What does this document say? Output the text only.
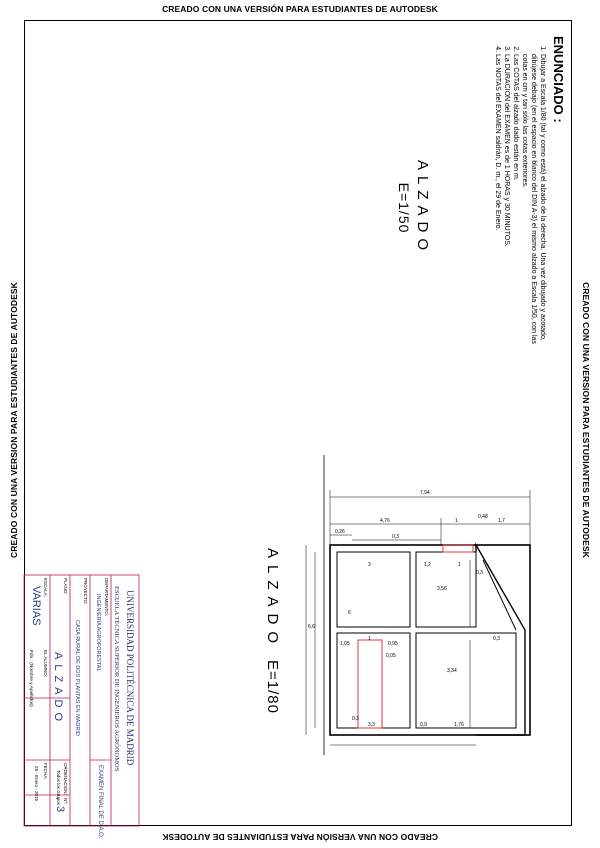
CREADO CON UNA VERSIÓN PARA ESTUDIANTES DE AUTODESK
CREADO CON UNA VERSION PARA ESTUDIANTES DE AUTODESK	CREADO CON UNA VERSION PARA ESTUDIANTES DE AUTODESK
CREADO CON UNA VERSIÓN PARA ESTUDIANTES DE AUTODESK
ENUNCIADO :
1. Dibujar a Escala 1/80 (tal y como está) el alzado de la derecha. Una vez dibujado y acotado, dibújese debajo (en el espacio en blanco del DIN A-3) el mismo alzado a Escala 1/50, con las cotas en cm y tan sólo las cotas exteriores.
2. Las COTAS del alzado dado están en m.
3. La DURACIÓN del EXAMEN es de 1 HORAS y 30 MINUTOS.
4. Las NOTAS del EXAMEN saldrán, D. m., el 29 de Enero.
ALZADO
E=1/50
ALZADO
E=1/80
7,94
4,76	1
0,48
1,7
0,26
0,3
3	1,2	1
0,3
3,56
6,6
6
1,05
1
0,95
0,05
0,3
3,34
0,3
3,3	0,9	1,76
UNIVERSIDAD POLITÉCNICA DE MADRID
ESCUELA TÉCNICA SUPERIOR DE INGENIEROS AGRÓNOMOS
DEPARTAMENTO:
INGENIERÍA AGROFORESTAL
EXAMEN FINAL DE D.A.O.
PROYECTO:
CASA RURAL DE DOS PLANTAS EN MADRID
PLANO:
ALZADO
ESCALA:
VARIAS
EL ALUMNO:
Fdo.: (Nombre y Apellidos)
ORDENACIÓN:
Todos los Grupos
FECHA:
28 - Enero - 2015
Nº:
3
